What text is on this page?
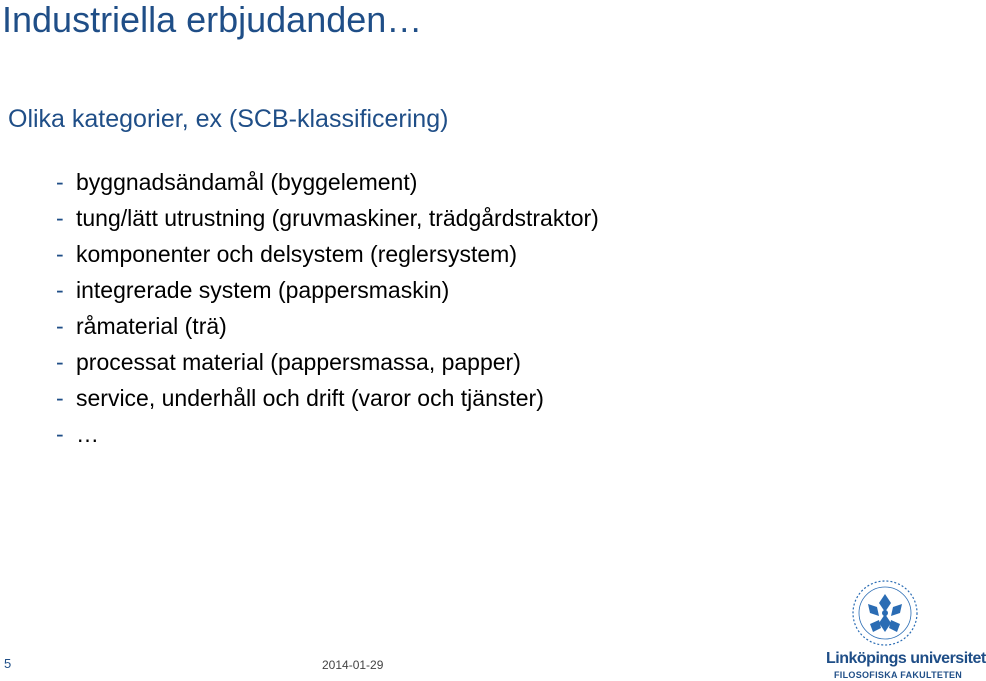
Industriella erbjudanden…
Olika kategorier, ex (SCB-klassificering)
- byggnadsändamål (byggelement)
- tung/lätt utrustning (gruvmaskiner, trädgårdstraktor)
- komponenter och delsystem (reglersystem)
- integrerade system (pappersmaskin)
- råmaterial (trä)
- processat material (pappersmassa, papper)
- service, underhåll och drift (varor och tjänster)
- …
5	2014-01-29	Linköpings universitet
FILOSOFISKA FAKULTETEN
